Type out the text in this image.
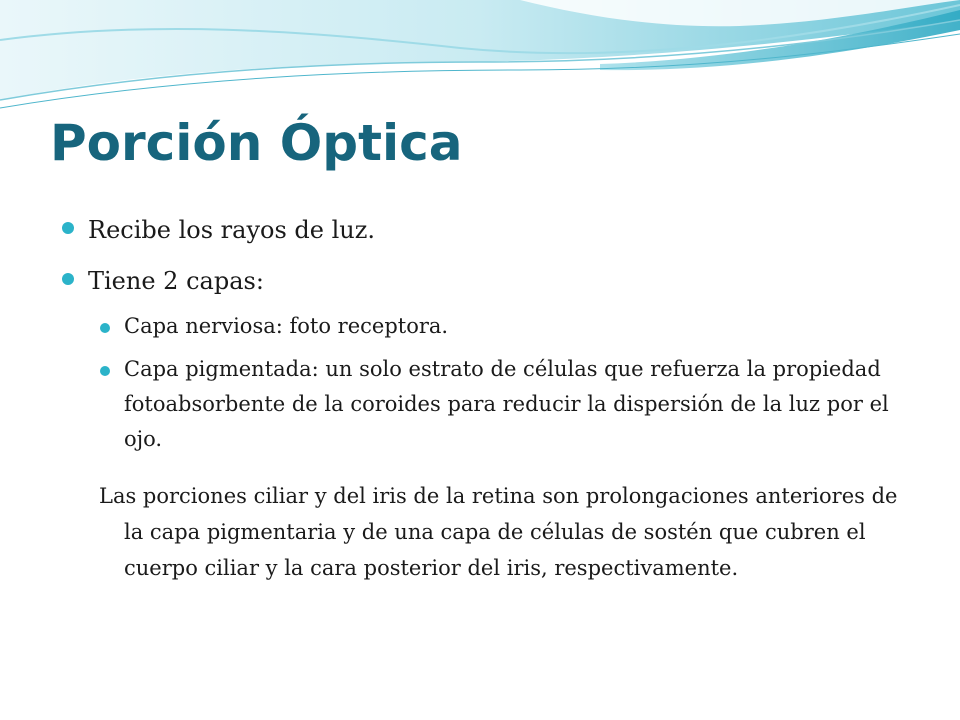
Porción Óptica

Recibe los rayos de luz.

Tiene 2 capas:

Capa nerviosa: foto receptora.

Capa pigmentada: un solo estrato de células que refuerza la propiedad fotoabsorbente de la coroides para reducir la dispersión de la luz por el ojo.

Las porciones ciliar y del iris de la retina son prolongaciones anteriores de la capa pigmentaria y de una capa de células de sostén que cubren el cuerpo ciliar y la cara posterior del iris, respectivamente.
